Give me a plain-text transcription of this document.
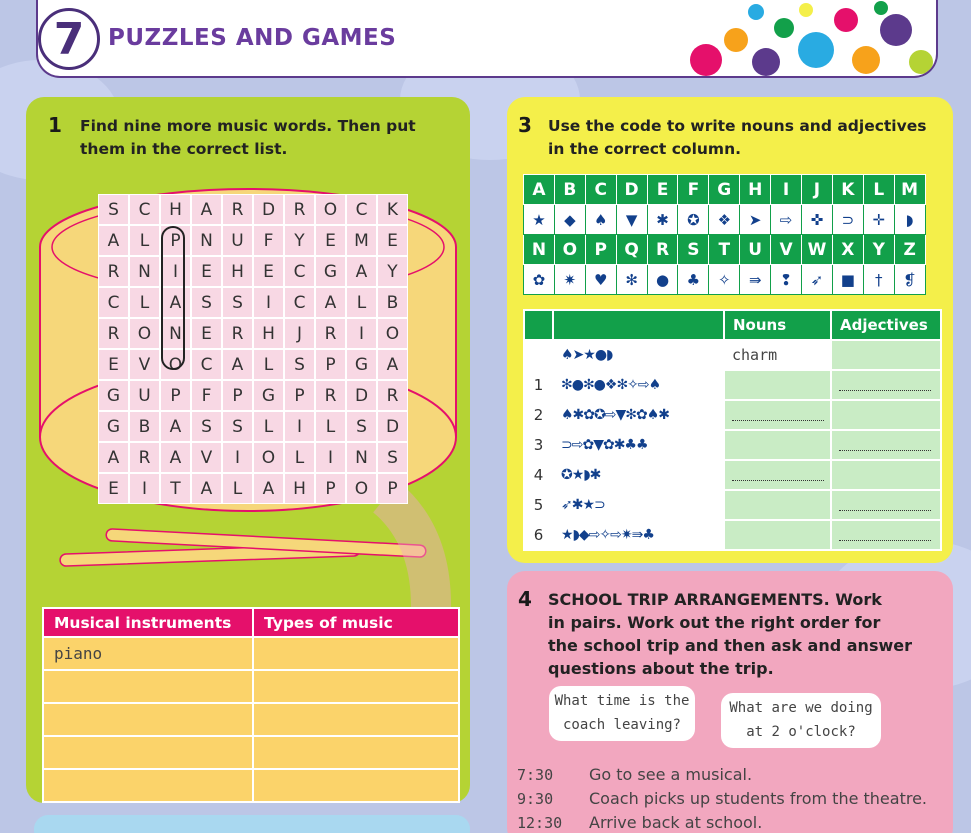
7	PUZZLES AND GAMES
1 Find nine more music words. Then put
them in the correct list.
S	C	H	A	R	D	R	O	C	K
A	L	P	N	U	F	Y	E	M	E
R	N	I	E	H	E	C	G	A	Y
C	L	A	S	S	I	C	A	L	B
R	O	N	E	R	H	J	R	I	O
E	V	O	C	A	L	S	P	G	A
G	U	P	F	P	G	P	R	D	R
G	B	A	S	S	L	I	L	S	D
A	R	A	V	I	O	L	I	N	S
E	I	T	A	L	A	H	P	O	P
Musical instruments	Types of music
piano
3 Use the code to write nouns and adjectives
in the correct column.
A	B	C	D	E	F	G	H	I	J	K	L	M
★	◆	♠	▼	✱	✪	❖	➤	⇨	✜	⊃	✛	◗
N	O	P	Q	R	S	T	U	V	W	X	Y	Z
✿	✷	♥	✻	●	♣	✧	⇛	❢	➶	■	†	❡
		Nouns	Adjectives
	♠➤★●◗	charm	
1	✻●✻●❖✻✧⇨♠		

2	♠✱✿✪⇨▼✻✿♠✱	

3	⊃⇨✿▼✿✱♣♣		

4	✪★◗✱	

5	➶✱★⊃		

6	★◗◆⇨✧⇨✷⇛♣		
4 SCHOOL TRIP ARRANGEMENTS. Work
in pairs. Work out the right order for
the school trip and then ask and answer
questions about the trip.
What time is the
coach leaving?
What are we doing
at 2 o'clock?
7:30 Go to see a musical.
9:30 Coach picks up students from the theatre.
12:30 Arrive back at school.
